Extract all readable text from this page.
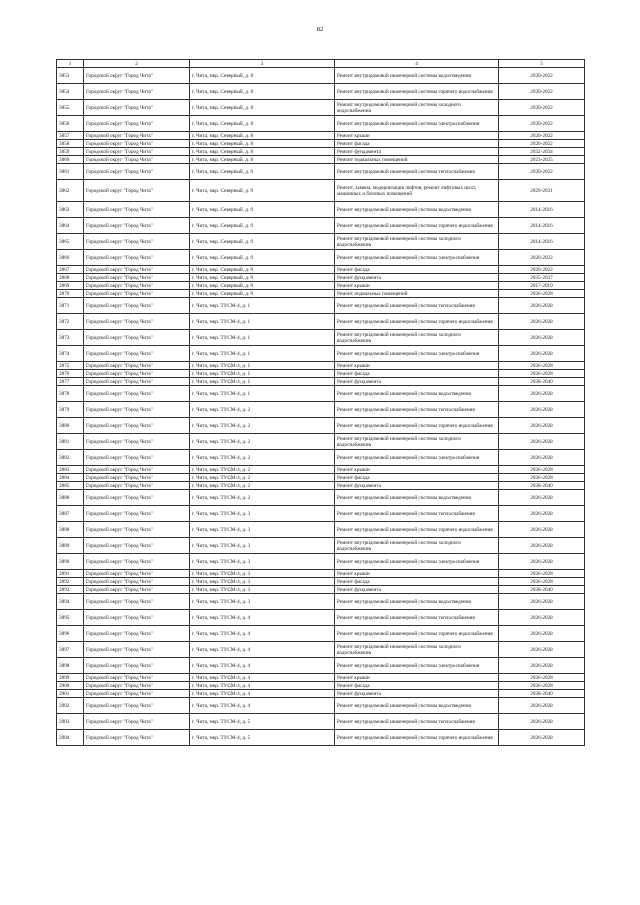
82
1	2	3	4	5
3853	Городской округ "Город Чита"	г. Чита, мкр. Северный, д. 8	Ремонт внутридомовой инженерной системы водоотведения	2020-2022
3854	Городской округ "Город Чита"	г. Чита, мкр. Северный, д. 8	Ремонт внутридомовой инженерной системы горячего водоснабжения	2020-2022
3855	Городской округ "Город Чита"	г. Чита, мкр. Северный, д. 8	Ремонт внутридомовой инженерной системы холодного водоснабжения	2020-2022
3856	Городской округ "Город Чита"	г. Чита, мкр. Северный, д. 8	Ремонт внутридомовой инженерной системы электроснабжения	2020-2022
3857	Городской округ "Город Чита"	г. Чита, мкр. Северный, д. 8	Ремонт крыши	2020-2022
3858	Городской округ "Город Чита"	г. Чита, мкр. Северный, д. 8	Ремонт фасада	2020-2022
3859	Городской округ "Город Чита"	г. Чита, мкр. Северный, д. 8	Ремонт фундамента	2032-2034
3860	Городской округ "Город Чита"	г. Чита, мкр. Северный, д. 8	Ремонт подвальных помещений	2023-2025
3861	Городской округ "Город Чита"	г. Чита, мкр. Северный, д. 9	Ремонт внутридомовой инженерной системы теплоснабжения	2020-2022
3862	Городской округ "Город Чита"	г. Чита, мкр. Северный, д. 9	Ремонт, замена, модернизация лифтов, ремонт лифтовых шахт, машинных и блочных помещений	2029-2031
3863	Городской округ "Город Чита"	г. Чита, мкр. Северный, д. 9	Ремонт внутридомовой инженерной системы водоотведения	2014-2016
3864	Городской округ "Город Чита"	г. Чита, мкр. Северный, д. 9	Ремонт внутридомовой инженерной системы горячего водоснабжения	2014-2016
3865	Городской округ "Город Чита"	г. Чита, мкр. Северный, д. 9	Ремонт внутридомовой инженерной системы холодного водоснабжения	2014-2016
3866	Городской округ "Город Чита"	г. Чита, мкр. Северный, д. 9	Ремонт внутридомовой инженерной системы электроснабжения	2020-2022
3867	Городской округ "Город Чита"	г. Чита, мкр. Северный, д. 9	Ремонт фасада	2020-2022
3868	Городской округ "Город Чита"	г. Чита, мкр. Северный, д. 9	Ремонт фундамента	2035-2037
3869	Городской округ "Город Чита"	г. Чита, мкр. Северный, д. 9	Ремонт крыши	2017-2019
3870	Городской округ "Город Чита"	г. Чита, мкр. Северный, д. 9	Ремонт подвальных помещений	2026-2028
3871	Городской округ "Город Чита"	г. Чита, мкр. ТУСМ-4, д. 1	Ремонт внутридомовой инженерной системы теплоснабжения	2026-2028
3872	Городской округ "Город Чита"	г. Чита, мкр. ТУСМ-4, д. 1	Ремонт внутридомовой инженерной системы горячего водоснабжения	2026-2028
3873	Городской округ "Город Чита"	г. Чита, мкр. ТУСМ-4, д. 1	Ремонт внутридомовой инженерной системы холодного водоснабжения	2026-2028
3874	Городской округ "Город Чита"	г. Чита, мкр. ТУСМ-4, д. 1	Ремонт внутридомовой инженерной системы электроснабжения	2026-2028
3875	Городской округ "Город Чита"	г. Чита, мкр. ТУСМ-4, д. 1	Ремонт крыши	2026-2028
3876	Городской округ "Город Чита"	г. Чита, мкр. ТУСМ-4, д. 1	Ремонт фасада	2026-2028
3877	Городской округ "Город Чита"	г. Чита, мкр. ТУСМ-4, д. 1	Ремонт фундамента	2038-2040
3878	Городской округ "Город Чита"	г. Чита, мкр. ТУСМ-4, д. 1	Ремонт внутридомовой инженерной системы водоотведения	2026-2028
3879	Городской округ "Город Чита"	г. Чита, мкр. ТУСМ-4, д. 2	Ремонт внутридомовой инженерной системы теплоснабжения	2026-2028
3880	Городской округ "Город Чита"	г. Чита, мкр. ТУСМ-4, д. 2	Ремонт внутридомовой инженерной системы горячего водоснабжения	2026-2028
3881	Городской округ "Город Чита"	г. Чита, мкр. ТУСМ-4, д. 2	Ремонт внутридомовой инженерной системы холодного водоснабжения	2026-2028
3882	Городской округ "Город Чита"	г. Чита, мкр. ТУСМ-4, д. 2	Ремонт внутридомовой инженерной системы электроснабжения	2026-2028
3883	Городской округ "Город Чита"	г. Чита, мкр. ТУСМ-4, д. 2	Ремонт крыши	2026-2028
3884	Городской округ "Город Чита"	г. Чита, мкр. ТУСМ-4, д. 2	Ремонт фасада	2026-2028
3885	Городской округ "Город Чита"	г. Чита, мкр. ТУСМ-4, д. 2	Ремонт фундамента	2038-2040
3886	Городской округ "Город Чита"	г. Чита, мкр. ТУСМ-4, д. 2	Ремонт внутридомовой инженерной системы водоотведения	2026-2028
3887	Городской округ "Город Чита"	г. Чита, мкр. ТУСМ-4, д. 3	Ремонт внутридомовой инженерной системы теплоснабжения	2026-2028
3888	Городской округ "Город Чита"	г. Чита, мкр. ТУСМ-4, д. 3	Ремонт внутридомовой инженерной системы горячего водоснабжения	2026-2028
3889	Городской округ "Город Чита"	г. Чита, мкр. ТУСМ-4, д. 3	Ремонт внутридомовой инженерной системы холодного водоснабжения	2026-2028
3890	Городской округ "Город Чита"	г. Чита, мкр. ТУСМ-4, д. 3	Ремонт внутридомовой инженерной системы электроснабжения	2026-2028
3891	Городской округ "Город Чита"	г. Чита, мкр. ТУСМ-4, д. 3	Ремонт крыши	2026-2028
3892	Городской округ "Город Чита"	г. Чита, мкр. ТУСМ-4, д. 3	Ремонт фасада	2026-2028
3893	Городской округ "Город Чита"	г. Чита, мкр. ТУСМ-4, д. 3	Ремонт фундамента	2038-2040
3894	Городской округ "Город Чита"	г. Чита, мкр. ТУСМ-4, д. 3	Ремонт внутридомовой инженерной системы водоотведения	2026-2028
3895	Городской округ "Город Чита"	г. Чита, мкр. ТУСМ-4, д. 4	Ремонт внутридомовой инженерной системы теплоснабжения	2026-2028
3896	Городской округ "Город Чита"	г. Чита, мкр. ТУСМ-4, д. 4	Ремонт внутридомовой инженерной системы горячего водоснабжения	2026-2028
3897	Городской округ "Город Чита"	г. Чита, мкр. ТУСМ-4, д. 4	Ремонт внутридомовой инженерной системы холодного водоснабжения	2026-2028
3898	Городской округ "Город Чита"	г. Чита, мкр. ТУСМ-4, д. 4	Ремонт внутридомовой инженерной системы электроснабжения	2026-2028
3899	Городской округ "Город Чита"	г. Чита, мкр. ТУСМ-4, д. 4	Ремонт крыши	2026-2028
3900	Городской округ "Город Чита"	г. Чита, мкр. ТУСМ-4, д. 4	Ремонт фасада	2026-2028
3901	Городской округ "Город Чита"	г. Чита, мкр. ТУСМ-4, д. 4	Ремонт фундамента	2038-2040
3902	Городской округ "Город Чита"	г. Чита, мкр. ТУСМ-4, д. 4	Ремонт внутридомовой инженерной системы водоотведения	2026-2028
3903	Городской округ "Город Чита"	г. Чита, мкр. ТУСМ-4, д. 5	Ремонт внутридомовой инженерной системы теплоснабжения	2026-2028
3904	Городской округ "Город Чита"	г. Чита, мкр. ТУСМ-4, д. 5	Ремонт внутридомовой инженерной системы горячего водоснабжения	2026-2028
